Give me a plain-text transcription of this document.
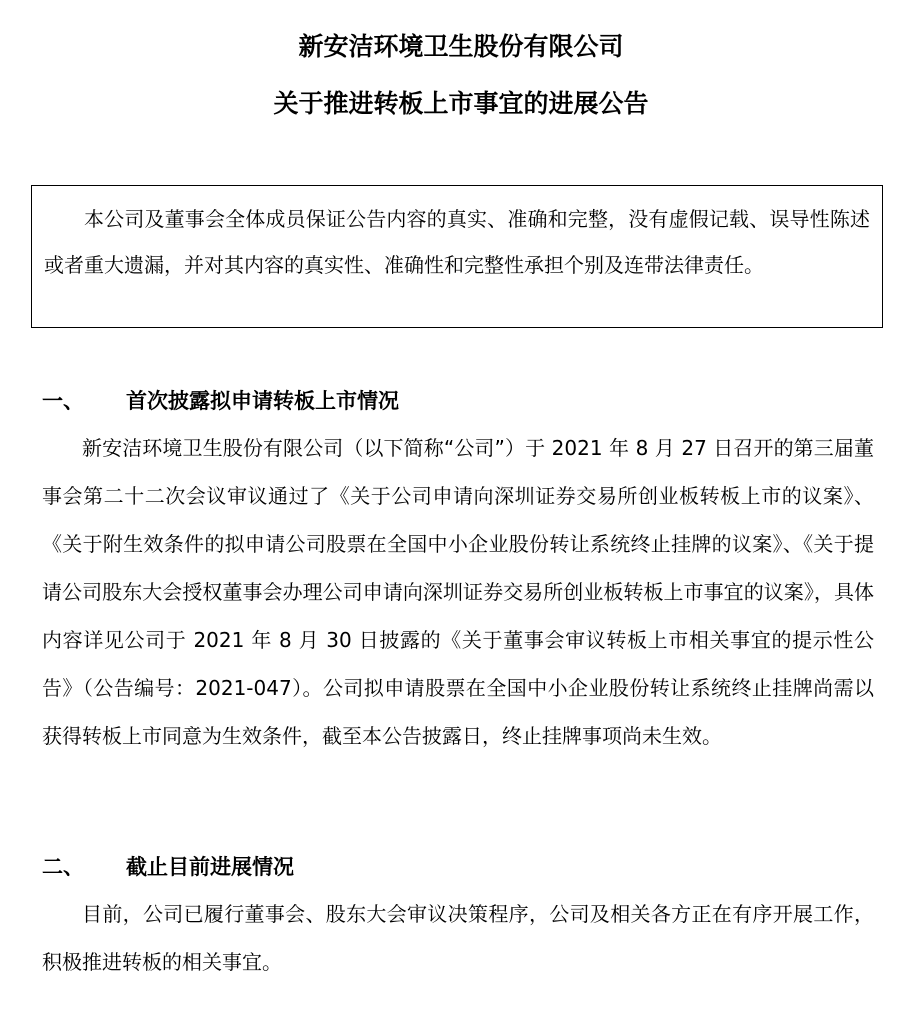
新安洁环境卫生股份有限公司
关于推进转板上市事宜的进展公告

本公司及董事会全体成员保证公告内容的真实、准确和完整，没有虚假记载、误导性陈述或者重大遗漏，并对其内容的真实性、准确性和完整性承担个别及连带法律责任。

一、 首次披露拟申请转板上市情况

新安洁环境卫生股份有限公司（以下简称“公司”）于 2021 年 8 月 27 日召开的第三届董事会第二十二次会议审议通过了《关于公司申请向深圳证券交易所创业板转板上市的议案》、《关于附生效条件的拟申请公司股票在全国中小企业股份转让系统终止挂牌的议案》、《关于提请公司股东大会授权董事会办理公司申请向深圳证券交易所创业板转板上市事宜的议案》，具体内容详见公司于 2021 年 8 月 30 日披露的《关于董事会审议转板上市相关事宜的提示性公告》（公告编号：2021-047）。公司拟申请股票在全国中小企业股份转让系统终止挂牌尚需以获得转板上市同意为生效条件，截至本公告披露日，终止挂牌事项尚未生效。

二、 截止目前进展情况

目前，公司已履行董事会、股东大会审议决策程序，公司及相关各方正在有序开展工作，积极推进转板的相关事宜。
